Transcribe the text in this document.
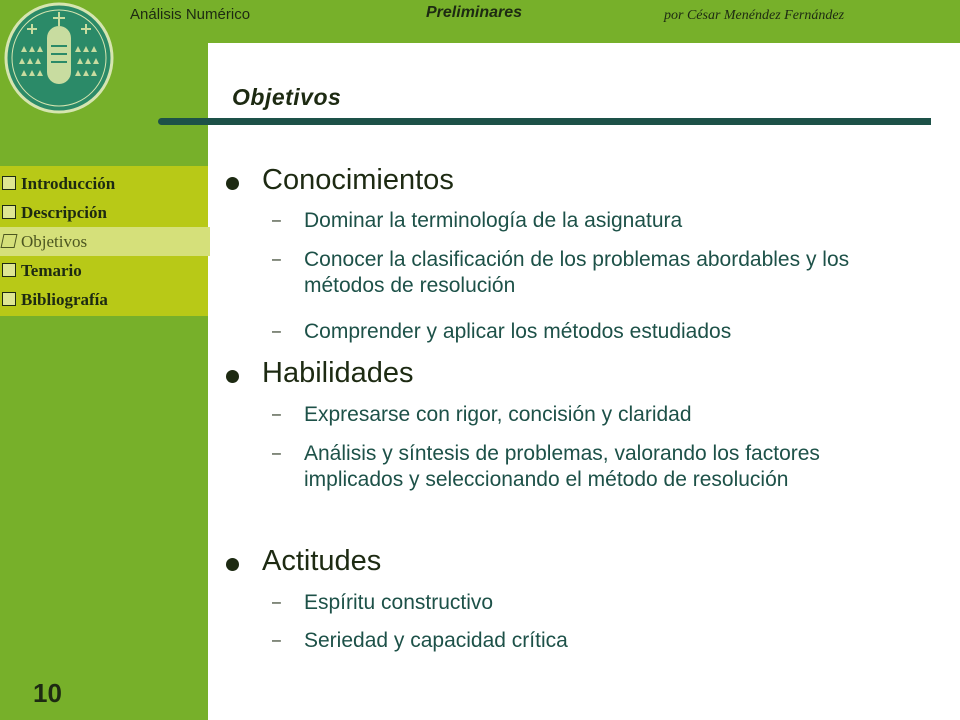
Análisis Numérico	Preliminares	por César Menéndez Fernández
Introducción
Descripción
Objetivos
Temario
Bibliografía
10
Objetivos
Conocimientos
– Dominar la terminología de la asignatura
– Conocer la clasificación de los problemas abordables y los métodos de resolución
– Comprender y aplicar los métodos estudiados
Habilidades
– Expresarse con rigor, concisión y claridad
– Análisis y síntesis de problemas, valorando los factores implicados y seleccionando el método de resolución
Actitudes
– Espíritu constructivo
– Seriedad y capacidad crítica
